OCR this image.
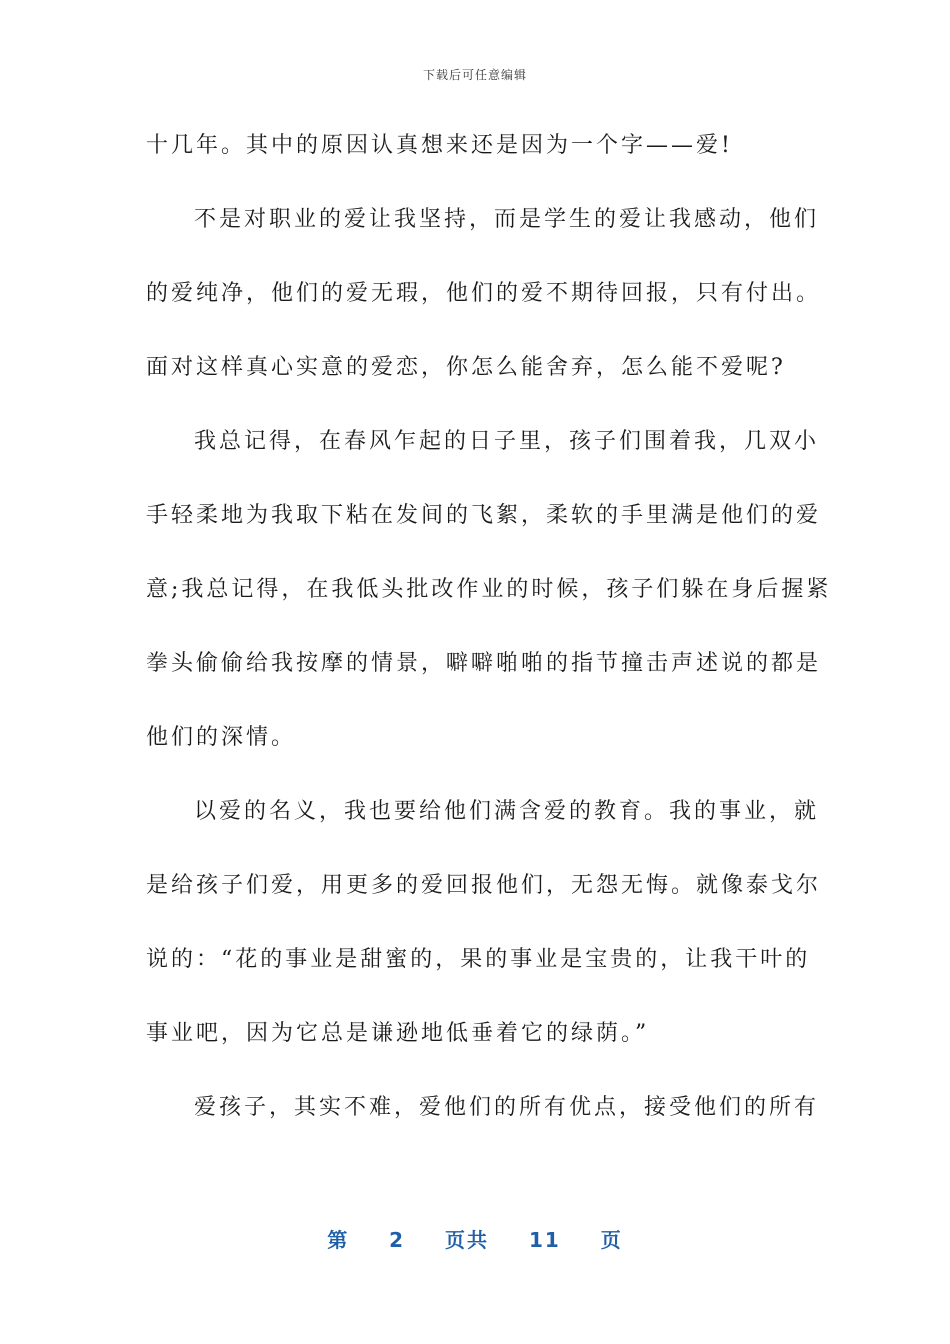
下载后可任意编辑
十几年。其中的原因认真想来还是因为一个字——爱!
不是对职业的爱让我坚持，而是学生的爱让我感动，他们
的爱纯净，他们的爱无瑕，他们的爱不期待回报，只有付出。
面对这样真心实意的爱恋，你怎么能舍弃，怎么能不爱呢?
我总记得，在春风乍起的日子里，孩子们围着我，几双小
手轻柔地为我取下粘在发间的飞絮，柔软的手里满是他们的爱
意;我总记得，在我低头批改作业的时候，孩子们躲在身后握紧
拳头偷偷给我按摩的情景，噼噼啪啪的指节撞击声述说的都是
他们的深情。
以爱的名义，我也要给他们满含爱的教育。我的事业，就
是给孩子们爱，用更多的爱回报他们，无怨无悔。就像泰戈尔
说的：“花的事业是甜蜜的，果的事业是宝贵的，让我干叶的
事业吧，因为它总是谦逊地低垂着它的绿荫。”
爱孩子，其实不难，爱他们的所有优点，接受他们的所有
第 2 页共 11 页
